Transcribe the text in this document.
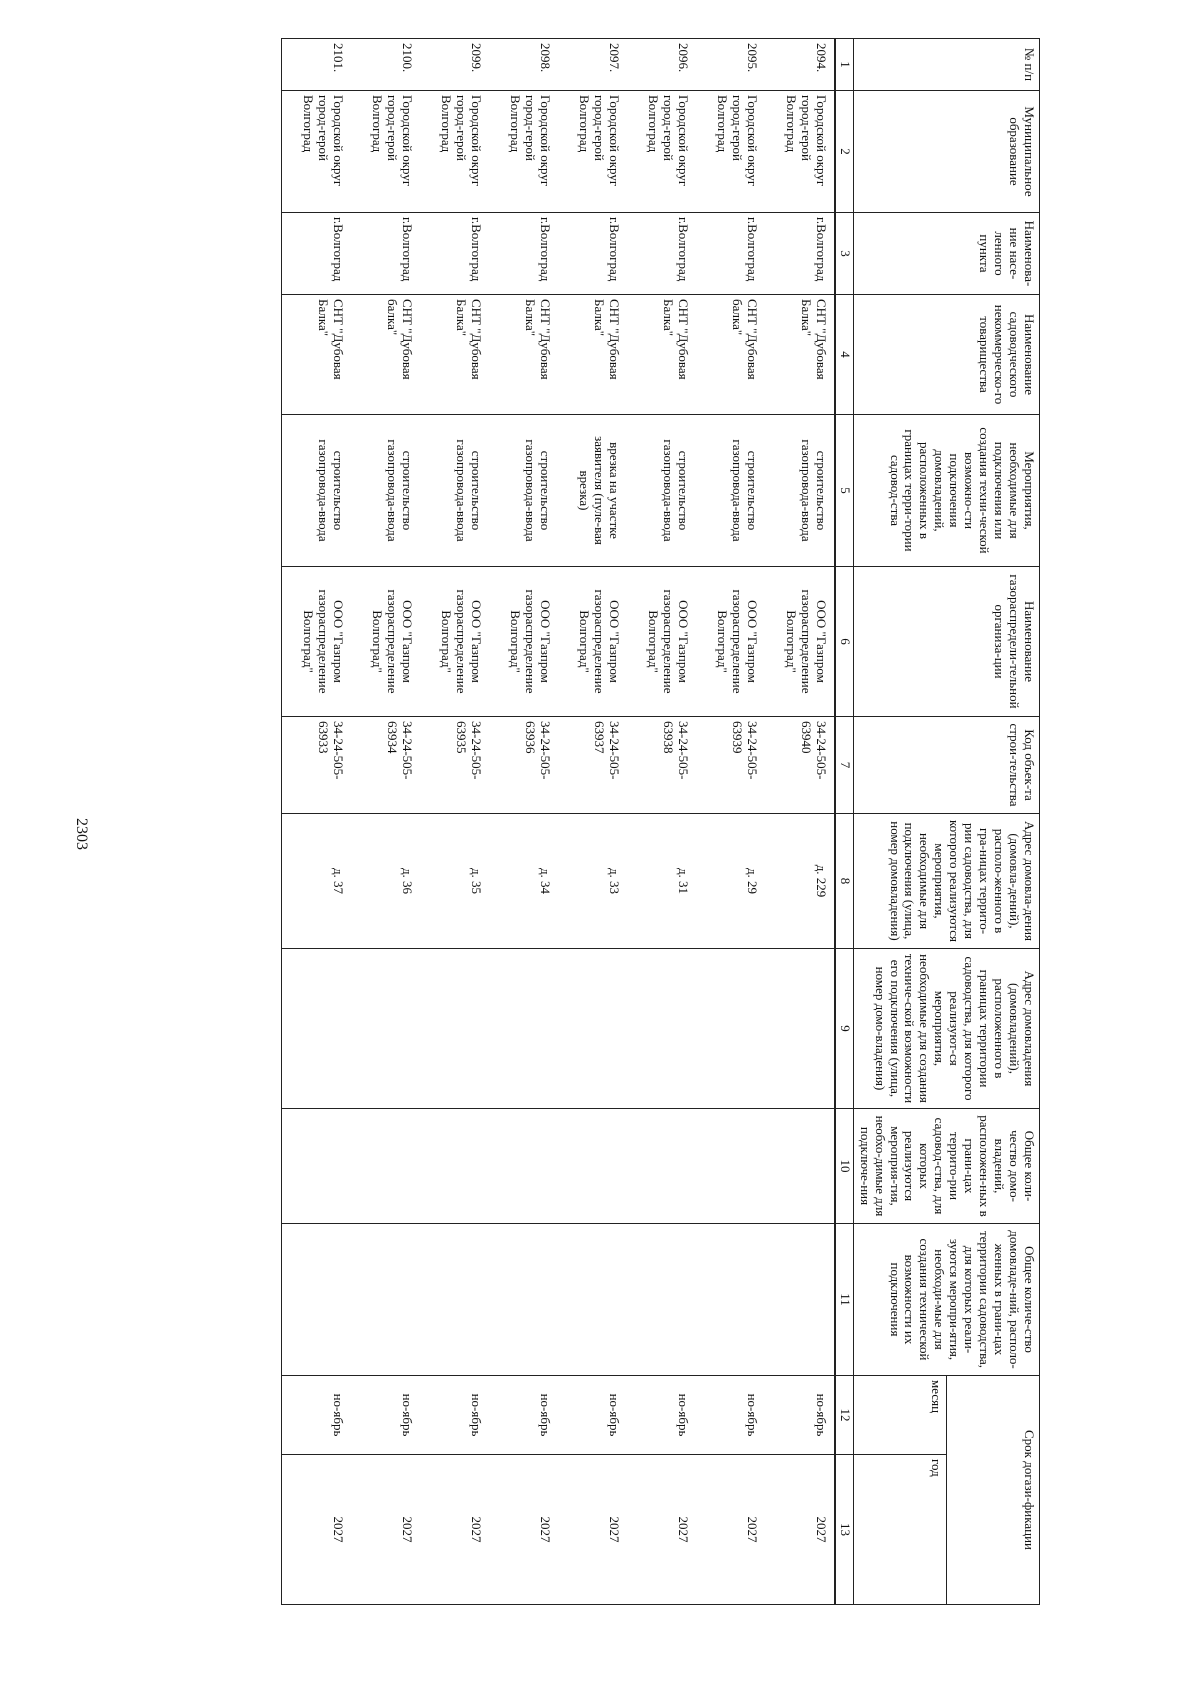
2303
№ п/п	Муниципальное образование	Наименова-ние насе-ленного пункта	Наименование садоводческого некоммерческо-го товарищества	Мероприятия, необходимые для подключения или создания техни-ческой возможно-сти подключения домовладений, расположенных в границах терри-тории садовод-ства	Наименование газораспредели-тельной организа-ции	Код объек-та строи-тельства	Адрес домовла-дения (домовла-дений), располо-женного в гра-ницах террито-рии садоводства, для которого реализуются мероприятия, необходимые для подключения (улица, номер домовладения)	Адрес домовладения (домовладений), расположенного в границах территории садоводства, для которого реализуют-ся мероприятия, необходимые для создания техниче-ской возможности его подключения (улица, номер домо-владения)	Общее коли-чество домо-владений, расположен-ных в грани-цах террито-рии садовод-ства, для которых реализуются мероприя-тия, необхо-димые для подключе-ния	Общее количе-ство домовладе-ний, располо-женных в грани-цах территории садоводства, для которых реали-зуются меропри-ятия, необходи-мые для создания технической возможности их подключения	Срок догази-фикации	
											месяц	год
1	2	3	4	5	6	7	8	9	10	11	12	13
2094.	Городской округ город-герой Волгоград	г.Волгоград	СНТ "Дубовая Балка"	строительство газопровода-ввода	ООО "Газпром газораспределение Волгоград"	34-24-505-63940	д. 229				но-ябрь	2027
2095.	Городской округ город-герой Волгоград	г.Волгоград	СНТ "Дубовая балка"	строительство газопровода-ввода	ООО "Газпром газораспределение Волгоград"	34-24-505-63939	д. 29				но-ябрь	2027
2096.	Городской округ город-герой Волгоград	г.Волгоград	СНТ "Дубовая Балка"	строительство газопровода-ввода	ООО "Газпром газораспределение Волгоград"	34-24-505-63938	д. 31				но-ябрь	2027
2097.	Городской округ город-герой Волгоград	г.Волгоград	СНТ "Дубовая Балка"	врезка на участке заявителя (пуле-вая врезка)	ООО "Газпром газораспределение Волгоград"	34-24-505-63937	д. 33				но-ябрь	2027
2098.	Городской округ город-герой Волгоград	г.Волгоград	СНТ "Дубовая Балка"	строительство газопровода-ввода	ООО "Газпром газораспределение Волгоград"	34-24-505-63936	д. 34				но-ябрь	2027
2099.	Городской округ город-герой Волгоград	г.Волгоград	СНТ "Дубовая Балка"	строительство газопровода-ввода	ООО "Газпром газораспределение Волгоград"	34-24-505-63935	д. 35				но-ябрь	2027
2100.	Городской округ город-герой Волгоград	г.Волгоград	СНТ "Дубовая балка"	строительство газопровода-ввода	ООО "Газпром газораспределение Волгоград"	34-24-505-63934	д. 36				но-ябрь	2027
2101.	Городской округ город-герой Волгоград	г.Волгоград	СНТ "Дубовая Балка"	строительство газопровода-ввода	ООО "Газпром газораспределение Волгоград"	34-24-505-63933	д. 37				но-ябрь	2027
